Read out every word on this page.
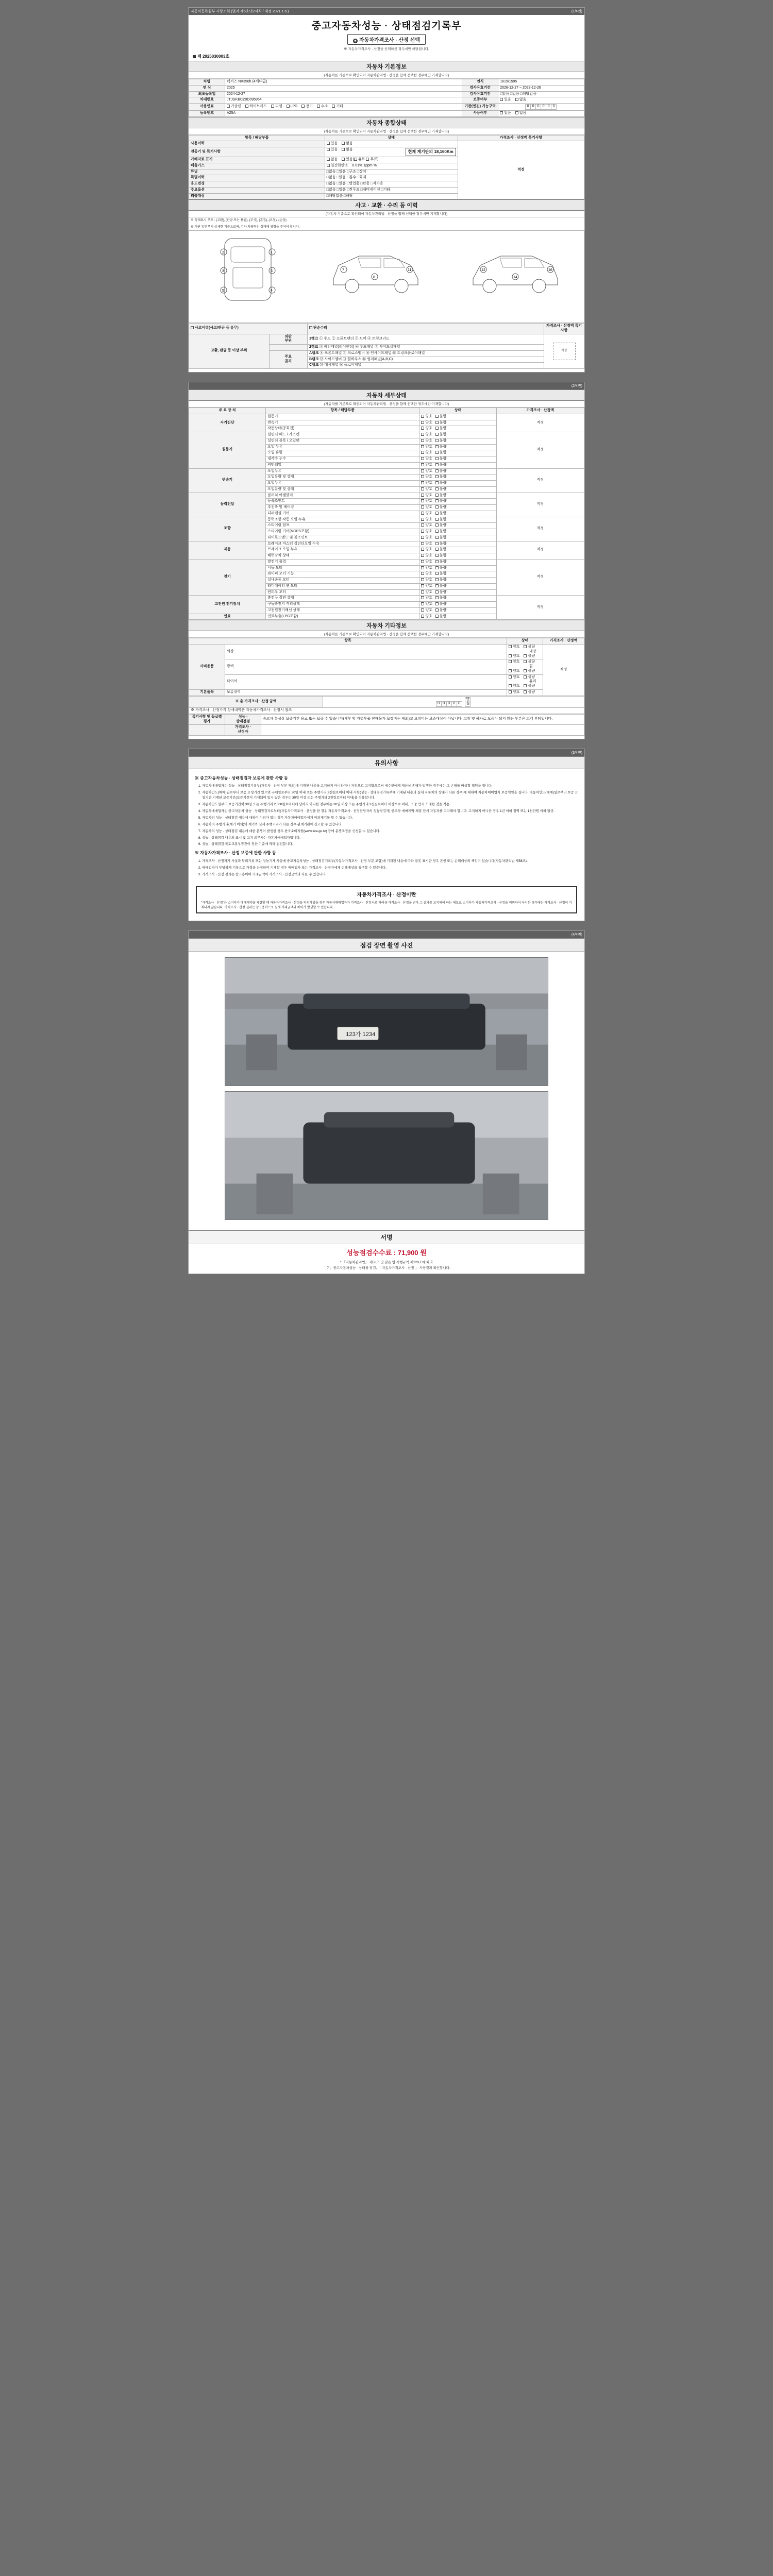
자동차등록원부 사항조회 (별지 제5호의2서식 / 제정 2021.1.6.)	(1/4면)
중고자동차성능 · 상태점검기록부
■ 자동차가격조사 · 산정 선택
※ 자동차가격조사 · 산정을 선택하신 경우에만 해당됩니다.
제 2925030003호
자동차 기본정보
(자동차를 기준으로 확인되어 자동차관리법 · 산정을 함께 선택한 경우에만 기재합니다)
차명	렉서스 NX350h (4세대급)	연식	1619/1595
연 식	2025	검사유효기간	2026-12-27 ~ 2028-12-26
최초등록일	2024-12-27	검사유효기간	□있음 □없음 □해당없음
차대번호	JTJGKBCZ0D095954	보증여부	있음 없음
사용연료	가솔린 하이브리드 디젤 LPG 전기 수소 기타	기관(엔진) 기능구역	0 0 0 0 0 0
등록번호	A25A	사용여부	있음 없음
자동차 종합상태
(자동차를 기준으로 확인되어 자동차관리법 · 산정을 함께 선택한 경우에만 기재합니다)
항목 / 해당부품	상태	가격조사 · 산정액 특기사항
사용이력	있음 없음	적정
전동기 및 특기사항	있음 없음 현재 계기판의 18,160Km	

가해자로 표기	없음 있음( 유료 무료)	
배출가스	일산화탄소 0.01% 1ppm %	
튜닝	□없음 □있음 □구조 □장치	
특별이력	□없음 □있음 □침수 □화재	
용도변경	□없음 □있음 □영업용 □관용 □자가용	
주요옵션	□없음 □있음 □썬루프 □내비게이션 □기타	
리콜대상	□해당없음 □해당	
사고 · 교환 · 수리 등 이력
(자동차 기준으로 확인되어 자동차관리법 · 산정을 함께 선택한 경우에만 기재합니다)
※ 상태표시 부호 : (교환), (판금 또는 용접), (부식), (흠집), (요철), (손상)
※ 하단 앞면부의 상세한 기준으로써, 기타 차량적인 상태에 영향을 주어야 합니다.
2
3
5
1
6
4
7
8
11	12
14
16
사고이력(사고/판금 등 유무)		단순수리	가격조사 · 산정액 특기사항
교환, 판금 등 이상 부위	외판
부위	1랭크 ① 후드 ② 프론트펜더 ③ 도어 ④ 트렁크리드	적정

		2랭크 ⑤ 쿼터패널(리어펜더) ⑥ 루프패널 ⑦ 사이드실패널	

	주요
골격	A랭크 ⑧ 프론트패널 ⑨ 크로스멤버 ⑩ 인사이드패널 ⑪ 트렁크플로어패널	

		B랭크 ⑫ 사이드멤버 ⑬ 휠하우스 ⑭ 필러패널(A,B,C)	

		C랭크 ⑮ 대시패널 ⑯ 플로어패널	

(2/4면)
자동차 세부상태
(자동차를 기준으로 확인되어 자동차관리법 · 산정을 함께 선택한 경우에만 기재합니다)
주 요 장 치	항목 / 해당부품	상태	가격조사 · 산정액
자기진단	원동기	양호 불량	적정
	변속기	양호 불량	
	작동상태(공회전)	양호 불량	
원동기	실린더 헤드 / 가스켓	양호 불량	적정
	실린더 블록 / 오일팬	양호 불량	
	오일 누유	양호 불량	
	오일 유량	양호 불량	
	냉각수 누수	양호 불량	
	커먼레일	양호 불량	
변속기	오일누유	양호 불량	적정
	오일유량 및 상태	양호 불량	
	오일누유	양호 불량	
	오일유량 및 상태	양호 불량	
동력전달	클러치 어셈블리	양호 불량	적정
	등속조인트	양호 불량	
	추진축 및 베어링	양호 불량	
	디퍼렌셜 기어	양호 불량	
조향	동력조향 작동 오일 누유	양호 불량	적정
	스티어링 펌프	양호 불량	
	스티어링 기어(MDPS포함)	양호 불량	
	타이로드엔드 및 볼조인트	양호 불량	
제동	브레이크 마스터 실린더오일 누유	양호 불량	적정
	브레이크 오일 누유	양호 불량	
	배력장치 상태	양호 불량	
전기	발전기 출력	양호 불량	적정
	시동 모터	양호 불량	
	와이퍼 모터 기능	양호 불량	
	실내송풍 모터	양호 불량	
	라디에이터 팬 모터	양호 불량	
	윈도우 모터	양호 불량	
고전원 전기장치	충전구 절연 상태	양호 불량	적정
	구동축전지 격리상태	양호 불량	
	고전원전기배선 상태	양호 불량	
연료	연료누출(LPG포함)	양호 불량	
자동차 기타정보
(자동차를 기준으로 확인되어 자동차관리법 · 산정을 함께 선택한 경우에만 기재합니다)
항목		상태	가격조사 · 산정액
사비용품	외장	양호 불량 내장 양호 불량	적정
	광택	양호 불량 휠 양호 불량	
	타이어	양호 불량 유리 양호 불량	
기본품목	보유내역	양호 불량	
※ 총 가격조사 · 산정 금액	0 0 0 0 0 만원
※ 가격조사 · 산정가격 상세내역은 자동차가격조사 · 산정서 참조
특기사항 및 등급별 평가	성능 ·
상태점검	중고차 특성상 보증기간 용료 또는 보증 수 있습니다(세부 및 자별부품 판매물가 보장비는 제외)고 보장비는 보증대상이 아닙니다. 고장 및 하자로 보증이 되지 않는 부분은 고객 부담입니다.
	가격조사 ·
산정자	

(3/4면)
유의사항
※ 중고자동차성능 · 상태점검자 보증에 관한 사항 등
1. 자동차매매업자는 성능 · 상태점검기록부(자동차 · 산정 부분 제외)에 기재된 내용을 고지하지 아니하거나 거짓으로 고지함으로써 매수인에게 재산상 손해가 발생한 경우에는 그 손해를 배상할 책임을 집니다.
2. 자동차인도(매매)일로부터 보증 요청기간 있으면 구매일로부터 30일 이내 또는 주행거리 2천킬로미터 이내 사항(성능 · 상태점검기록부에 기재된 내용과 실제 자동차의 상태가 다른 경우)에 대하여 자동차매매업자 보증책임을 집니다. 자동차인도(매매)일로부터 보증 요청기간 기재된 보증기간(보증기간이 기재되어 있지 않은 경우는 30일 이상 또는 주행거리 2천킬로미터 이내)을 적용합니다.
3. 자동차인도일부터 보증기간이 30일 또는 주행거리 2,000킬로미터에 달하지 아니한 경우에는 30일 이상 또는 주행거리 2천킬로미터 이상으로 이내, 그 중 먼저 도래한 것을 적용.
4. 자동차매매업자는 중고자동차 성능 · 상태점검자로부터(자동차가격조사 · 산정을 한 경우 자동차가격조사 · 산정담당자의 성능점검자) 중고차 매매계약 체결 전에 자동차를 고지해야 합니다. 고지하지 아니한 경우 1년 이하 징역 또는 1천만원 이하 벌금.
5. 자동차의 성능 · 상태점검 내용에 대하여 이의가 있는 경우 자동차매매업자에게 이의제기를 할 수 있습니다.
6. 자동차의 주행거리(계기 이외)와 계기와 실제 주행거리가 다른 경우 관계기관에 신고할 수 있습니다.
7. 자동차의 성능 · 상태점검 내용에 대한 분쟁이 발생한 경우 한국소비자원(www.kca.go.kr) 등에 분쟁조정을 신청할 수 있습니다.
8. 성능 · 상태점검 내용의 표시 및 고지 의무자는 자동차매매업자입니다.
9. 성능 · 상태점검 국토교통부장관이 정한 기준에 따라 점검합니다.
※ 자동차가격조사 · 산정 보증에 관한 사항 등
1. 가격조사 · 산정자가 사실과 달리기록 또는 성능기재 사항에 중고자동차성능 · 상태점검기록부(자동차가격조사 · 산정 부분 포함)에 기재된 내용에 따라 잘못 표시한 경우 본인 또는 손해배상의 책임이 있습니다(자동차관리법 제58조).
2. 매매업자가 부당하게 기록으로 가격을 산정하여 기재할 경우 매매업자 또는 가격조사 · 산정자에게 손해배상을 청구할 수 있습니다.
3. 가격조사 · 산정 결과는 참고용이며 거래금액이 가격조사 · 산정금액과 다를 수 있습니다.
자동차가격조사 · 산정이란
"가격조사 · 산정"은 소비자가 매매계약을 체결할 때 자동차가격조사 · 산정을 의뢰하였을 경우 자동차매매업자가 가격조사 · 산정자로 하여금 가격조사 · 산정을 받아 그 결과를 고지해야 하는 제도로 소비자가 자동차가격조사 · 산정을 의뢰하지 아니한 경우에는 가격조사 · 산정이 기재되지 않습니다. 가격조사 · 산정 결과는 참고용이므로 실제 거래금액과 차이가 발생할 수 있습니다.

(4/4면)
점검 장면 촬영 사진
123가 1234
서명
성능점검수수료 : 71,900 원
" 「자동차관리법」 제58조 및 같은 법 시행규칙 제120조에 따라
「 7 」중고자동차성능 · 상태를 점검, 「 자동차가격조사 · 산정 」 사항결과 확인합니다.
